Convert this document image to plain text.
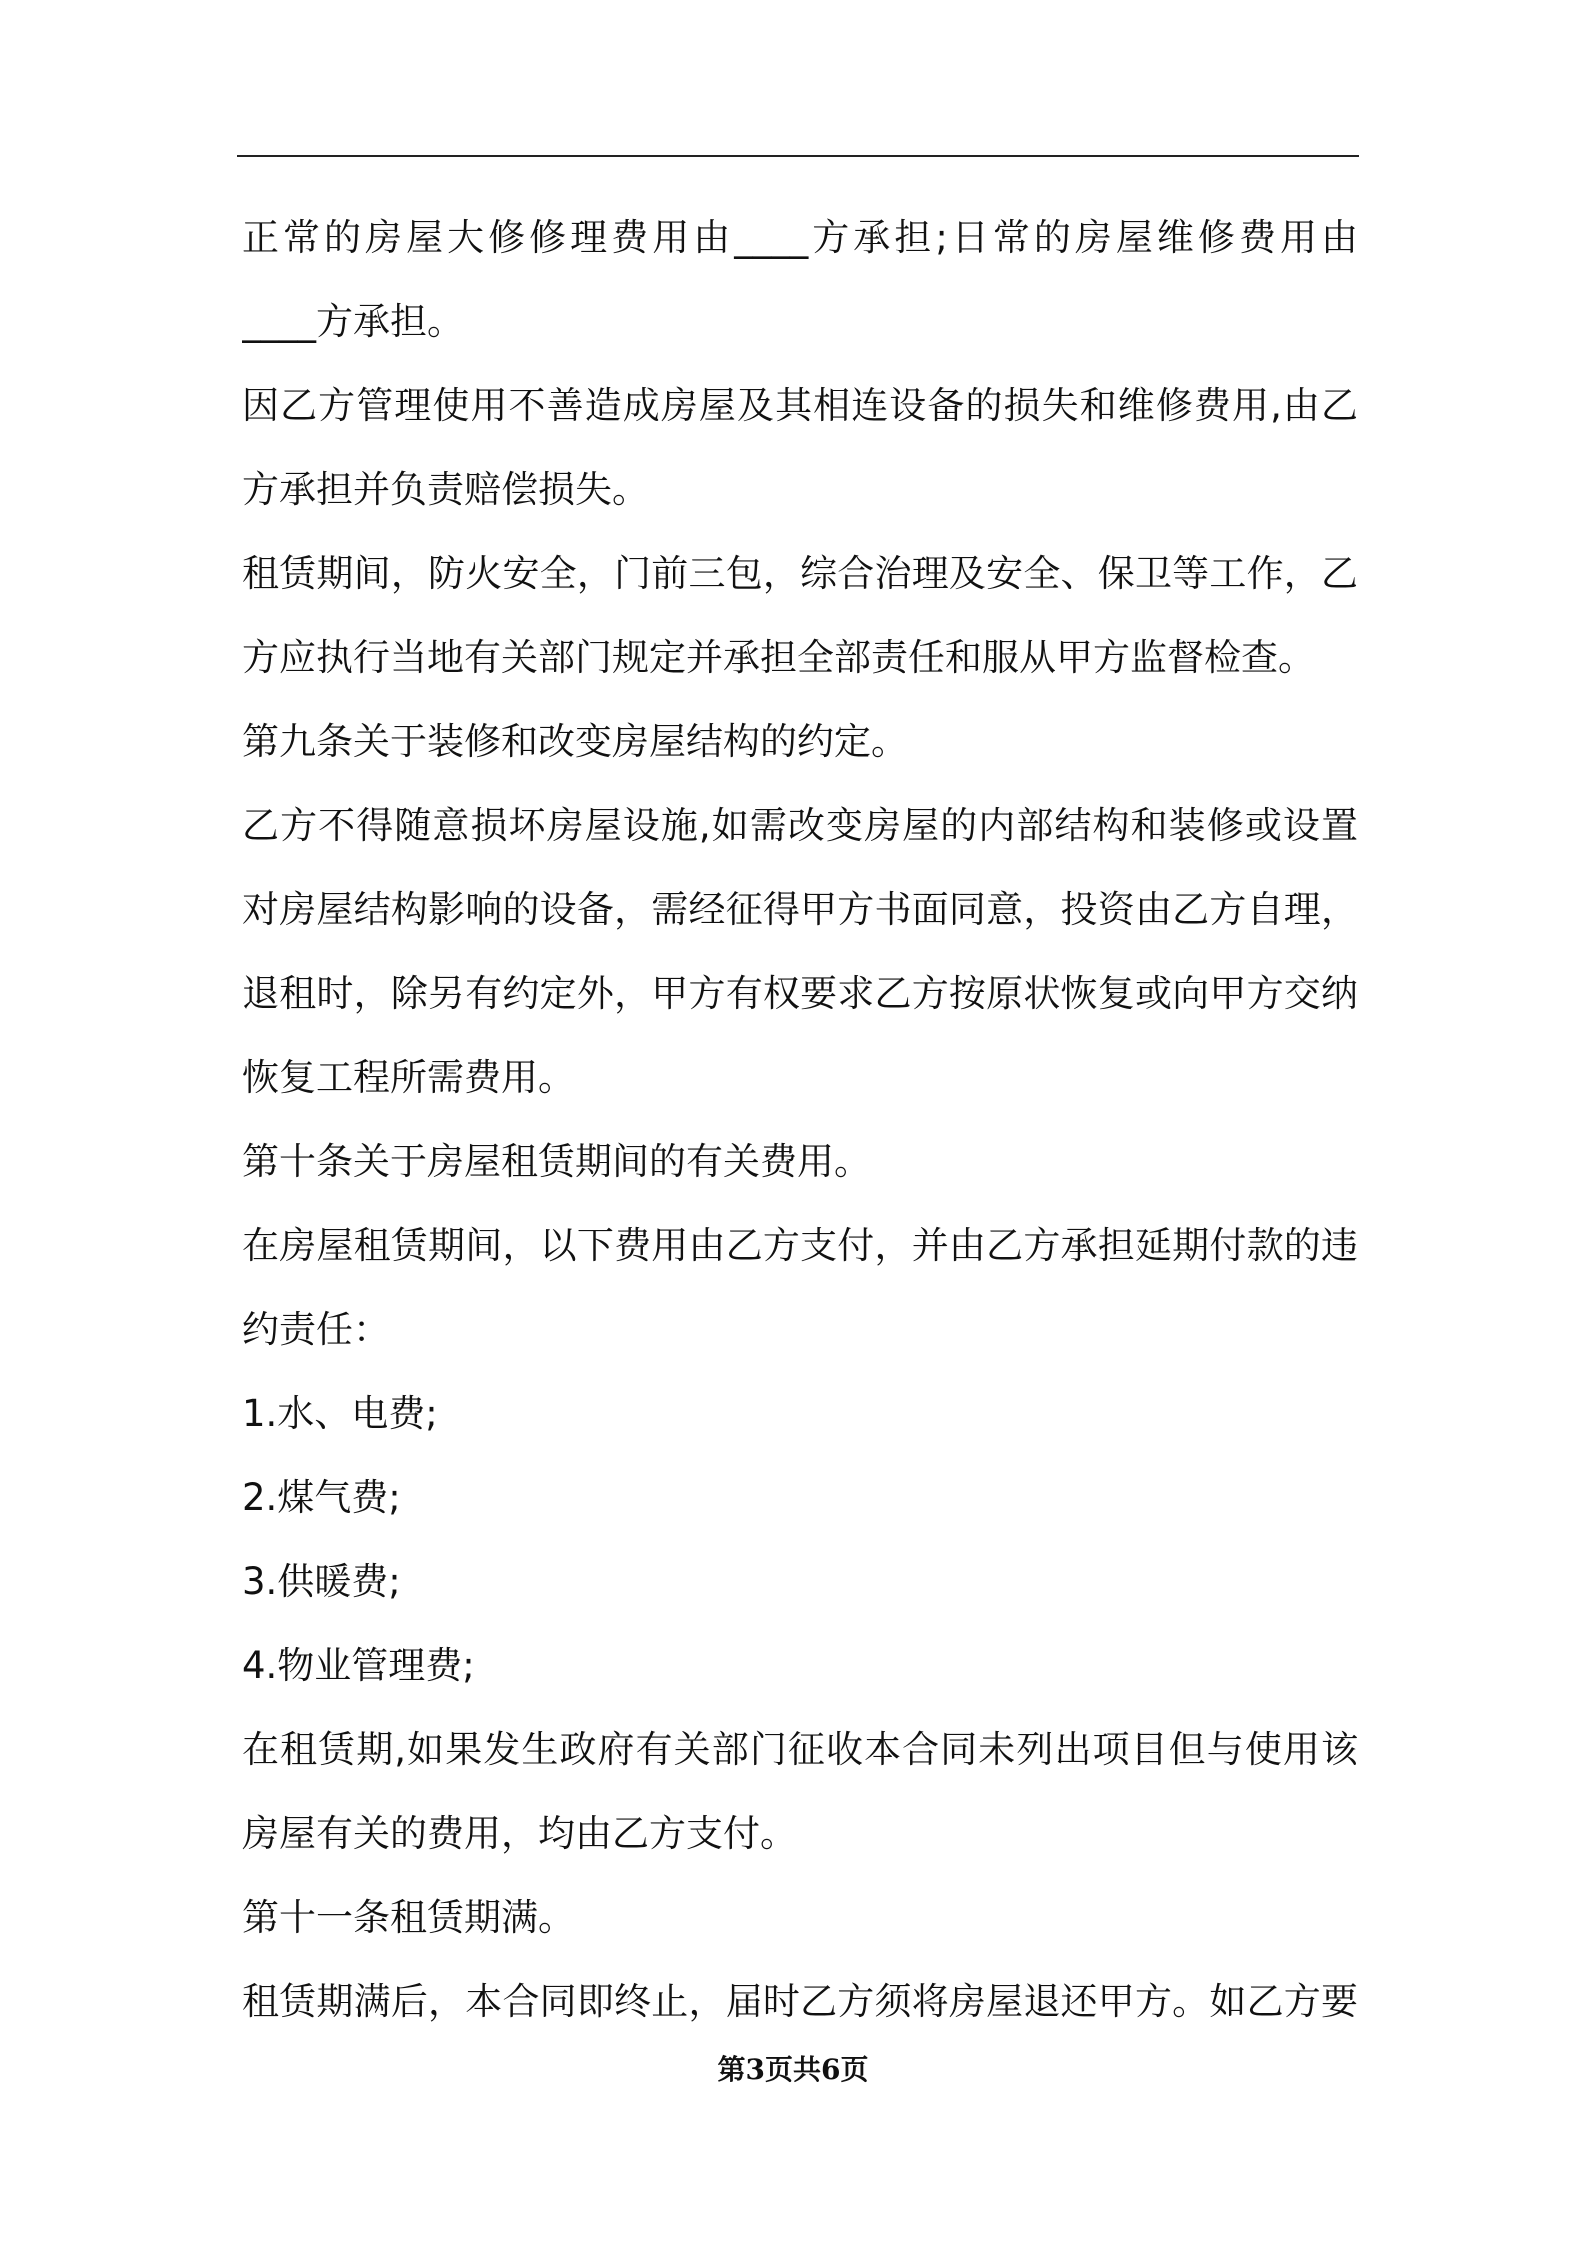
正常的房屋大修修理费用由____方承担;日常的房屋维修费用由
____方承担。
因乙方管理使用不善造成房屋及其相连设备的损失和维修费用,由乙
方承担并负责赔偿损失。
租赁期间，防火安全，门前三包，综合治理及安全、保卫等工作，乙
方应执行当地有关部门规定并承担全部责任和服从甲方监督检查。
第九条关于装修和改变房屋结构的约定。
乙方不得随意损坏房屋设施,如需改变房屋的内部结构和装修或设置
对房屋结构影响的设备，需经征得甲方书面同意，投资由乙方自理，
退租时，除另有约定外，甲方有权要求乙方按原状恢复或向甲方交纳
恢复工程所需费用。
第十条关于房屋租赁期间的有关费用。
在房屋租赁期间，以下费用由乙方支付，并由乙方承担延期付款的违
约责任：
1.水、电费;
2.煤气费;
3.供暖费;
4.物业管理费;
在租赁期,如果发生政府有关部门征收本合同未列出项目但与使用该
房屋有关的费用，均由乙方支付。
第十一条租赁期满。
租赁期满后，本合同即终止，届时乙方须将房屋退还甲方。如乙方要
第3页共6页
